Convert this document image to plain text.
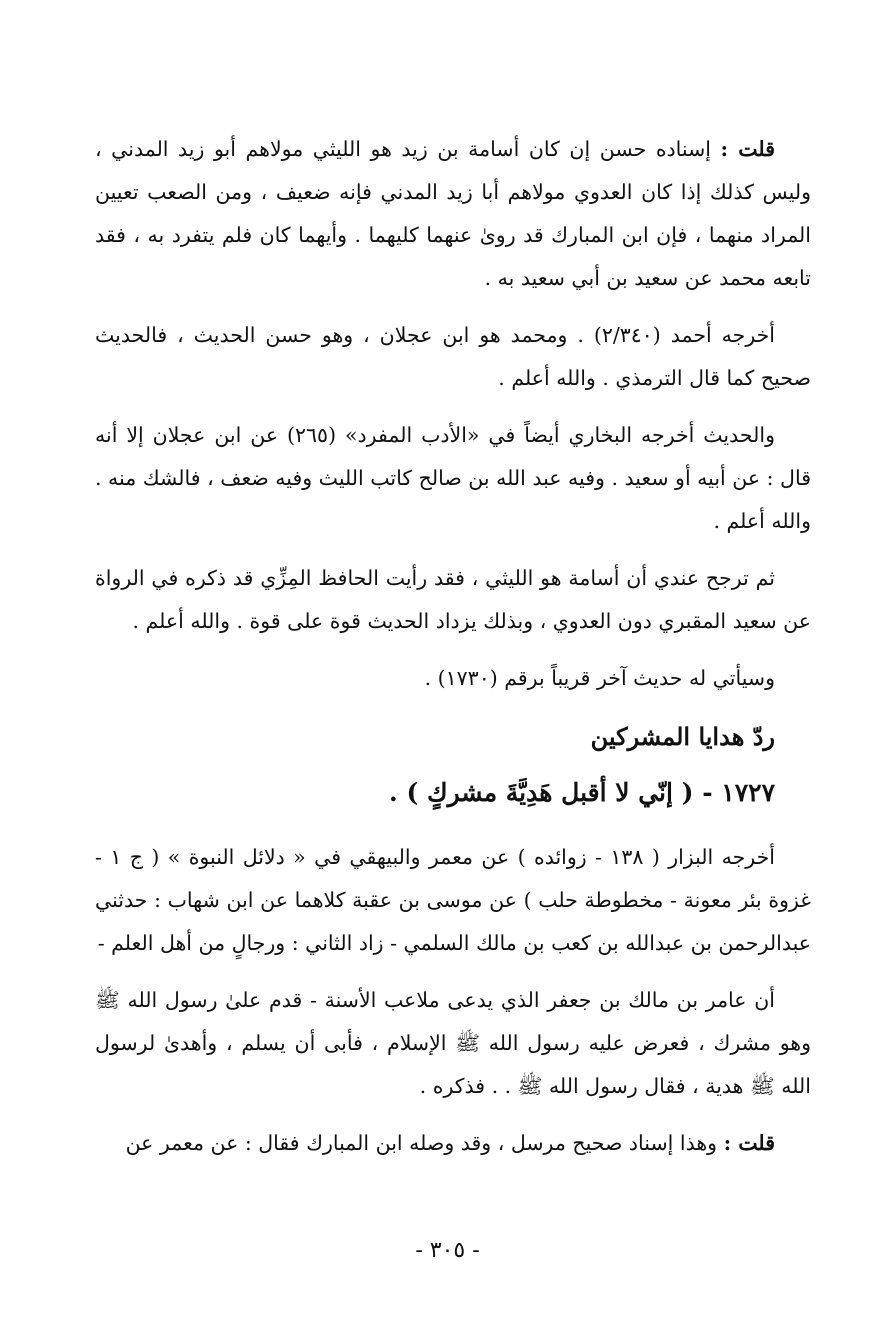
قلت : إسناده حسن إن كان أسامة بن زيد هو الليثي مولاهم أبو زيد المدني ، وليس كذلك إذا كان العدوي مولاهم أبا زيد المدني فإنه ضعيف ، ومن الصعب تعيين المراد منهما ، فإن ابن المبارك قد روىٰ عنهما كليهما . وأيهما كان فلم يتفرد به ، فقد تابعه محمد عن سعيد بن أبي سعيد به .

أخرجه أحمد (٢/٣٤٠) . ومحمد هو ابن عجلان ، وهو حسن الحديث ، فالحديث صحيح كما قال الترمذي . والله أعلم .

والحديث أخرجه البخاري أيضاً في «الأدب المفرد» (٢٦٥) عن ابن عجلان إلا أنه قال : عن أبيه أو سعيد . وفيه عبد الله بن صالح كاتب الليث وفيه ضعف ، فالشك منه . والله أعلم .

ثم ترجح عندي أن أسامة هو الليثي ، فقد رأيت الحافظ المِزِّي قد ذكره في الرواة عن سعيد المقبري دون العدوي ، وبذلك يزداد الحديث قوة على قوة . والله أعلم .

وسيأتي له حديث آخر قريباً برقم (١٧٣٠) .

ردّ هدايا المشركين
١٧٢٧ - ( إنّي لا أقبل هَدِيَّةَ مشركٍ ) .

أخرجه البزار ( ١٣٨ - زوائده ) عن معمر والبيهقي في « دلائل النبوة » ( ج ١ - غزوة بئر معونة - مخطوطة حلب ) عن موسى بن عقبة كلاهما عن ابن شهاب : حدثني عبدالرحمن بن عبدالله بن كعب بن مالك السلمي - زاد الثاني : ورجالٍ من أهل العلم -

أن عامر بن مالك بن جعفر الذي يدعى ملاعب الأسنة - قدم علىٰ رسول الله ﷺ وهو مشرك ، فعرض عليه رسول الله ﷺ الإسلام ، فأبى أن يسلم ، وأهدىٰ لرسول الله ﷺ هدية ، فقال رسول الله ﷺ . . فذكره .

قلت : وهذا إسناد صحيح مرسل ، وقد وصله ابن المبارك فقال : عن معمر عن

- ٣٠٥ -
